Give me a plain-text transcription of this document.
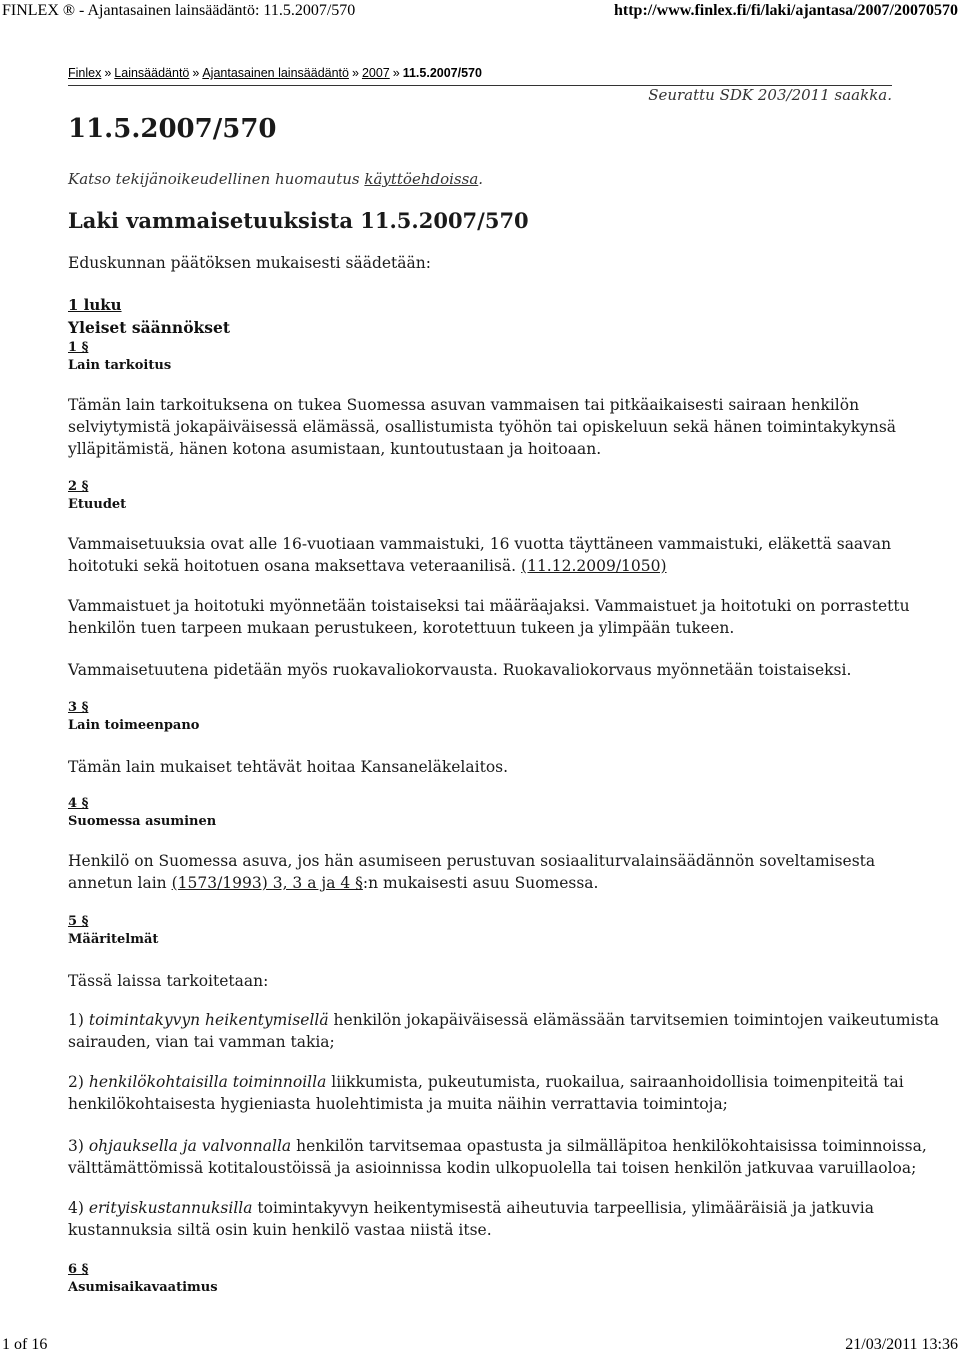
FINLEX ® - Ajantasainen lainsäädäntö: 11.5.2007/570	http://www.finlex.fi/fi/laki/ajantasa/2007/20070570
Finlex » Lainsäädäntö » Ajantasainen lainsäädäntö » 2007 » 11.5.2007/570
Seurattu SDK 203/2011 saakka.
11.5.2007/570
Katso tekijänoikeudellinen huomautus käyttöehdoissa.
Laki vammaisetuuksista 11.5.2007/570
Eduskunnan päätöksen mukaisesti säädetään:
1 luku
Yleiset säännökset
1 §
Lain tarkoitus
Tämän lain tarkoituksena on tukea Suomessa asuvan vammaisen tai pitkäaikaisesti sairaan henkilön
selviytymistä jokapäiväisessä elämässä, osallistumista työhön tai opiskeluun sekä hänen toimintakykynsä
ylläpitämistä, hänen kotona asumistaan, kuntoutustaan ja hoitoaan.
2 §
Etuudet
Vammaisetuuksia ovat alle 16-vuotiaan vammaistuki, 16 vuotta täyttäneen vammaistuki, eläkettä saavan
hoitotuki sekä hoitotuen osana maksettava veteraanilisä. (11.12.2009/1050)
Vammaistuet ja hoitotuki myönnetään toistaiseksi tai määräajaksi. Vammaistuet ja hoitotuki on porrastettu
henkilön tuen tarpeen mukaan perustukeen, korotettuun tukeen ja ylimpään tukeen.
Vammaisetuutena pidetään myös ruokavaliokorvausta. Ruokavaliokorvaus myönnetään toistaiseksi.
3 §
Lain toimeenpano
Tämän lain mukaiset tehtävät hoitaa Kansaneläkelaitos.
4 §
Suomessa asuminen
Henkilö on Suomessa asuva, jos hän asumiseen perustuvan sosiaaliturvalainsäädännön soveltamisesta
annetun lain (1573/1993) 3, 3 a ja 4 §:n mukaisesti asuu Suomessa.
5 §
Määritelmät
Tässä laissa tarkoitetaan:
1) toimintakyvyn heikentymisellä henkilön jokapäiväisessä elämässään tarvitsemien toimintojen vaikeutumista
sairauden, vian tai vamman takia;
2) henkilökohtaisilla toiminnoilla liikkumista, pukeutumista, ruokailua, sairaanhoidollisia toimenpiteitä tai
henkilökohtaisesta hygieniasta huolehtimista ja muita näihin verrattavia toimintoja;
3) ohjauksella ja valvonnalla henkilön tarvitsemaa opastusta ja silmälläpitoa henkilökohtaisissa toiminnoissa,
välttämättömissä kotitaloustöissä ja asioinnissa kodin ulkopuolella tai toisen henkilön jatkuvaa varuillaoloa;
4) erityiskustannuksilla toimintakyvyn heikentymisestä aiheutuvia tarpeellisia, ylimääräisiä ja jatkuvia
kustannuksia siltä osin kuin henkilö vastaa niistä itse.
6 §
Asumisaikavaatimus
1 of 16	21/03/2011 13:36
